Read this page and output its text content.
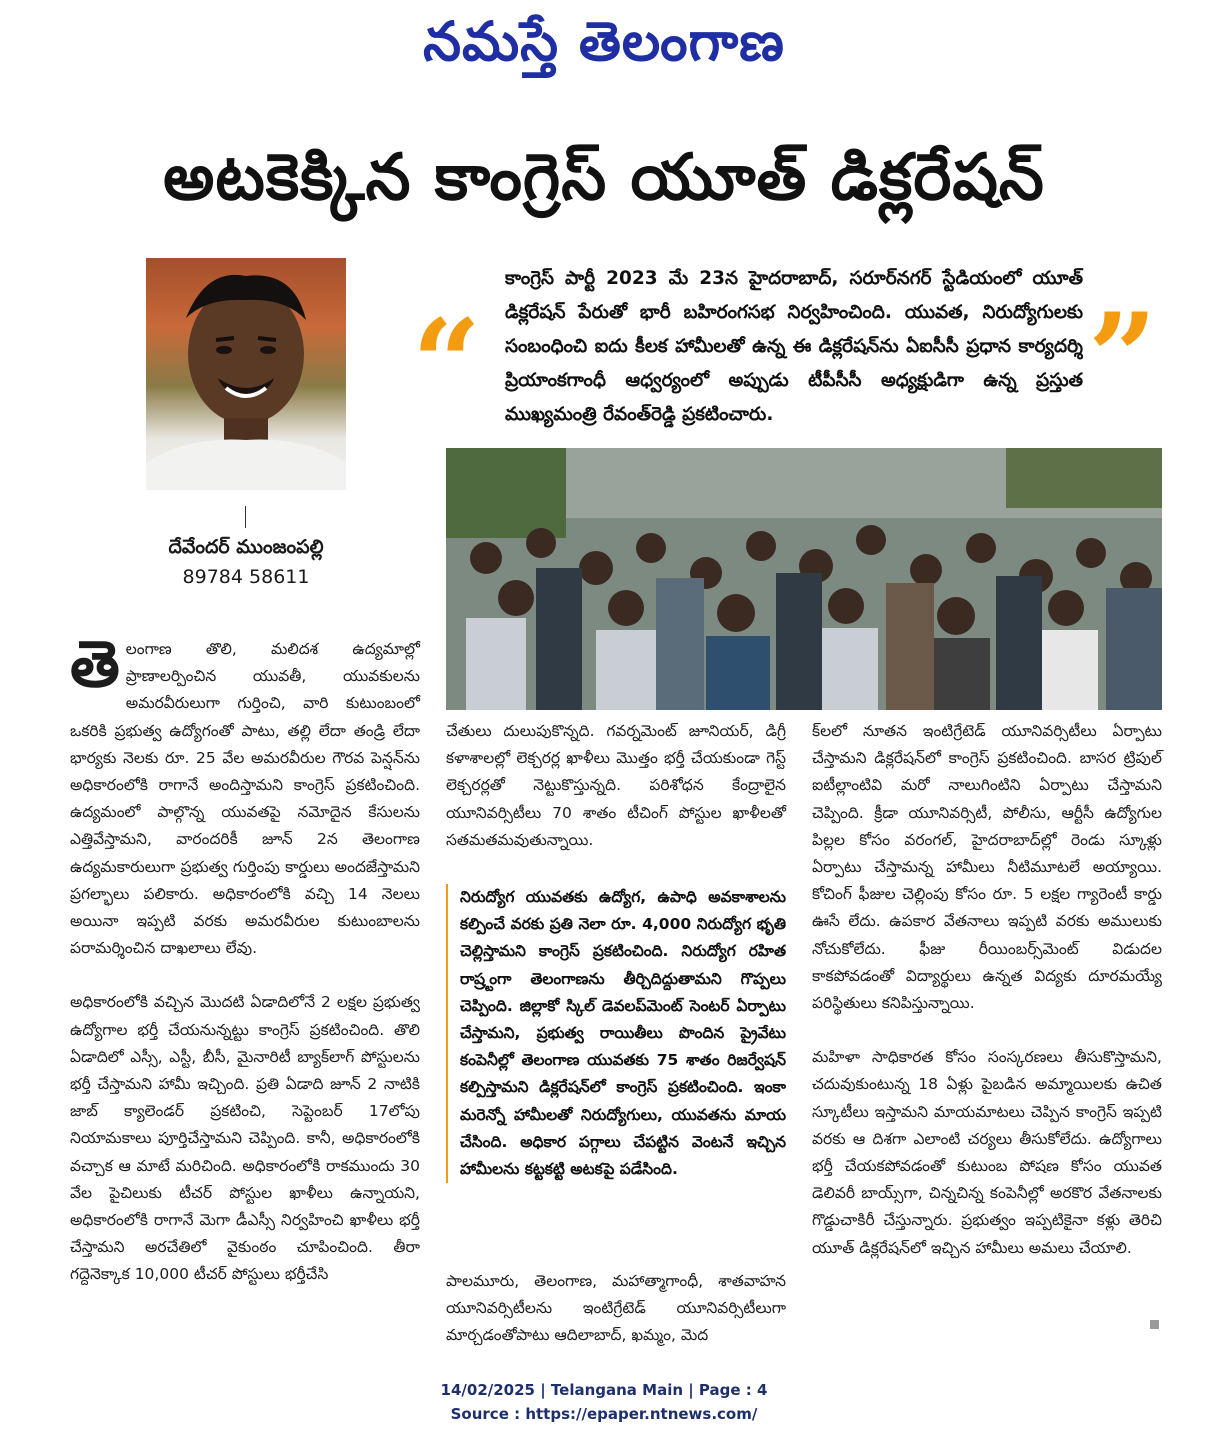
నమస్తే తెలంగాణ
అటకెక్కిన కాంగ్రెస్ యూత్ డిక్లరేషన్
దేవేందర్ ముంజంపల్లి
89784 58611
“
కాంగ్రెస్ పార్టీ 2023 మే 23న హైదరాబాద్, సరూర్‌నగర్ స్టేడియంలో యూత్ డిక్లరేషన్ పేరుతో భారీ బహిరంగసభ నిర్వహించింది. యువత, నిరుద్యోగులకు సంబంధించి ఐదు కీలక హామీలతో ఉన్న ఈ డిక్లరేషన్‌ను ఏఐసీసీ ప్రధాన కార్యదర్శి ప్రియాంకగాంధీ ఆధ్వర్యంలో అప్పుడు టీపీసీసీ అధ్యక్షుడిగా ఉన్న ప్రస్తుత ముఖ్యమంత్రి రేవంత్‌రెడ్డి ప్రకటించారు.	”

తెలంగాణ తొలి, మలిదశ ఉద్యమాల్లో ప్రాణాలర్పించిన యువతీ, యువకులను అమరవీరులుగా గుర్తించి, వారి కుటుంబంలో ఒకరికి ప్రభుత్వ ఉద్యోగంతో పాటు, తల్లి లేదా తండ్రి లేదా భార్యకు నెలకు రూ. 25 వేల అమరవీరుల గౌరవ పెన్షన్‌ను అధికారంలోకి రాగానే అందిస్తామని కాంగ్రెస్ ప్రకటించింది. ఉద్యమంలో పాల్గొన్న యువతపై నమోదైన కేసులను ఎత్తివేస్తామని, వారందరికీ జూన్ 2న తెలంగాణ ఉద్యమకారులుగా ప్రభుత్వ గుర్తింపు కార్డులు అందజేస్తామని ప్రగల్భాలు పలికారు. అధికారంలోకి వచ్చి 14 నెలలు అయినా ఇప్పటి వరకు అమరవీరుల కుటుంబాలను పరామర్శించిన దాఖలాలు లేవు.

అధికారంలోకి వచ్చిన మొదటి ఏడాదిలోనే 2 లక్షల ప్రభుత్వ ఉద్యోగాల భర్తీ చేయనున్నట్టు కాంగ్రెస్ ప్రకటించింది. తొలి ఏడాదిలో ఎస్సీ, ఎస్టీ, బీసీ, మైనారిటీ బ్యాక్‌లాగ్ పోస్టులను భర్తీ చేస్తామని హామీ ఇచ్చింది. ప్రతి ఏడాది జూన్ 2 నాటికి జాబ్ క్యాలెండర్ ప్రకటించి, సెప్టెంబర్ 17లోపు నియామకాలు పూర్తిచేస్తామని చెప్పింది. కానీ, అధికారంలోకి వచ్చాక ఆ మాటే మరిచింది. అధికారంలోకి రాకముందు 30 వేల పైచిలుకు టీచర్ పోస్టుల ఖాళీలు ఉన్నాయని, అధికారంలోకి రాగానే మెగా డీఎస్సీ నిర్వహించి ఖాళీలు భర్తీ చేస్తామని అరచేతిలో వైకుంఠం చూపించింది. తీరా గద్దెనెక్కాక 10,000 టీచర్ పోస్టులు భర్తీచేసి

చేతులు దులుపుకొన్నది. గవర్నమెంట్ జూనియర్, డిగ్రీ కళాశాలల్లో లెక్చరర్ల ఖాళీలు మొత్తం భర్తీ చేయకుండా గెస్ట్ లెక్చరర్లతో నెట్టుకొస్తున్నది. పరిశోధన కేంద్రాలైన యూనివర్సిటీలు 70 శాతం టీచింగ్ పోస్టుల ఖాళీలతో సతమతమవుతున్నాయి.

నిరుద్యోగ యువతకు ఉద్యోగ, ఉపాధి అవకాశాలను కల్పించే వరకు ప్రతి నెలా రూ. 4,000 నిరుద్యోగ భృతి చెల్లిస్తామని కాంగ్రెస్ ప్రకటించింది. నిరుద్యోగ రహిత రాష్ర్టంగా తెలంగాణను తీర్చిదిద్దుతామని గొప్పలు చెప్పింది. జిల్లాకో స్కిల్ డెవలప్‌మెంట్ సెంటర్ ఏర్పాటు చేస్తామని, ప్రభుత్వ రాయితీలు పొందిన ప్రైవేటు కంపెనీల్లో తెలంగాణ యువతకు 75 శాతం రిజర్వేషన్ కల్పిస్తామని డిక్లరేషన్‌లో కాంగ్రెస్ ప్రకటించింది. ఇంకా మరెన్నో హామీలతో నిరుద్యోగులు, యువతను మాయ చేసింది. అధికార పగ్గాలు చేపట్టిన వెంటనే ఇచ్చిన హామీలను కట్టకట్టి అటకపై పడేసింది.

పాలమూరు, తెలంగాణ, మహాత్మాగాంధీ, శాతవాహన యూనివర్సిటీలను ఇంటిగ్రేటెడ్ యూనివర్సిటీలుగా మార్చడంతోపాటు ఆదిలాబాద్, ఖమ్మం, మెద

క్‌లలో నూతన ఇంటిగ్రేటెడ్ యూనివర్సిటీలు ఏర్పాటు చేస్తామని డిక్లరేషన్‌లో కాంగ్రెస్ ప్రకటించింది. బాసర ట్రిపుల్ ఐటీల్లాంటివి మరో నాలుగింటిని ఏర్పాటు చేస్తామని చెప్పింది. క్రీడా యూనివర్సిటీ, పోలీసు, ఆర్టీసీ ఉద్యోగుల పిల్లల కోసం వరంగల్, హైదరాబాద్‌ల్లో రెండు స్కూళ్లు ఏర్పాటు చేస్తామన్న హామీలు నీటిమూటలే అయ్యాయి. కోచింగ్ ఫీజుల చెల్లింపు కోసం రూ. 5 లక్షల గ్యారెంటీ కార్డు ఊసే లేదు. ఉపకార వేతనాలు ఇప్పటి వరకు అములుకు నోచుకోలేదు. ఫీజు రీయింబర్స్‌మెంట్ విడుదల కాకపోవడంతో విద్యార్థులు ఉన్నత విద్యకు దూరమయ్యే పరిస్థితులు కనిపిస్తున్నాయి.

మహిళా సాధికారత కోసం సంస్కరణలు తీసుకొస్తామని, చదువుకుంటున్న 18 ఏళ్లు పైబడిన అమ్మాయిలకు ఉచిత స్కూటీలు ఇస్తామని మాయమాటలు చెప్పిన కాంగ్రెస్ ఇప్పటి వరకు ఆ దిశగా ఎలాంటి చర్యలు తీసుకోలేదు. ఉద్యోగాలు భర్తీ చేయకపోవడంతో కుటుంబ పోషణ కోసం యువత డెలివరీ బాయ్స్‌గా, చిన్నచిన్న కంపెనీల్లో అరకొర వేతనాలకు గొడ్డుచాకిరీ చేస్తున్నారు. ప్రభుత్వం ఇప్పటికైనా కళ్లు తెరిచి యూత్ డిక్లరేషన్‌లో ఇచ్చిన హామీలు అమలు చేయాలి.

14/02/2025 | Telangana Main | Page : 4
Source : https://epaper.ntnews.com/
